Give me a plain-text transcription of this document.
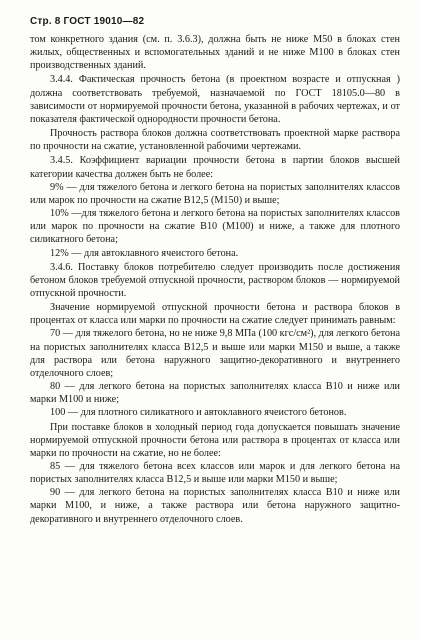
Стр. 8 ГОСТ 19010—82

том конкретного здания (см. п. 3.6.3), должна быть не ниже М50 в блоках стен жилых, общественных и вспомогательных зданий и не ниже М100 в блоках стен производственных зданий.

3.4.4. Фактическая прочность бетона (в проектном возрасте и отпускная ) должна соответствовать требуемой, назначаемой по ГОСТ 18105.0—80 в зависимости от нормируемой прочности бетона, указанной в рабочих чертежах, и от показателя фактической однородности прочности бетона.

Прочность раствора блоков должна соответствовать проектной марке раствора по прочности на сжатие, установленной рабочими чертежами.

3.4.5. Коэффициент вариации прочности бетона в партии блоков высшей категории качества должен быть не более:

9% — для тяжелого бетона и легкого бетона на пористых заполнителях классов или марок по прочности на сжатие В12,5 (М150) и выше;

10% —для тяжелого бетона и легкого бетона на пористых заполнителях классов или марок по прочности на сжатие В10 (М100) и ниже, а также для плотного силикатного бетона;

12% — для автоклавного ячеистого бетона.

3.4.6. Поставку блоков потребителю следует производить после достижения бетоном блоков требуемой отпускной прочности, раствором блоков — нормируемой отпускной прочности.

Значение нормируемой отпускной прочности бетона и раствора блоков в процентах от класса или марки по прочности на сжатие следует принимать равным:

70 — для тяжелого бетона, но не ниже 9,8 МПа (100 кгс/см²), для легкого бетона на пористых заполнителях класса В12,5 и выше или марки М150 и выше, а также для раствора или бетона наружного защитно-декоративного и внутреннего отделочного слоев;

80 — для легкого бетона на пористых заполнителях класса В10 и ниже или марки М100 и ниже;

100 — для плотного силикатного и автоклавного ячеистого бетонов.

При поставке блоков в холодный период года допускается повышать значение нормируемой отпускной прочности бетона или раствора в процентах от класса или марки по прочности на сжатие, но не более:

85 — для тяжелого бетона всех классов или марок и для легкого бетона на пористых заполнителях класса В12,5 и выше или марки М150 и выше;

90 — для легкого бетона на пористых заполнителях класса В10 и ниже или марки М100, и ниже, а также раствора или бетона наружного защитно-декоративного и внутреннего отделочного слоев.
